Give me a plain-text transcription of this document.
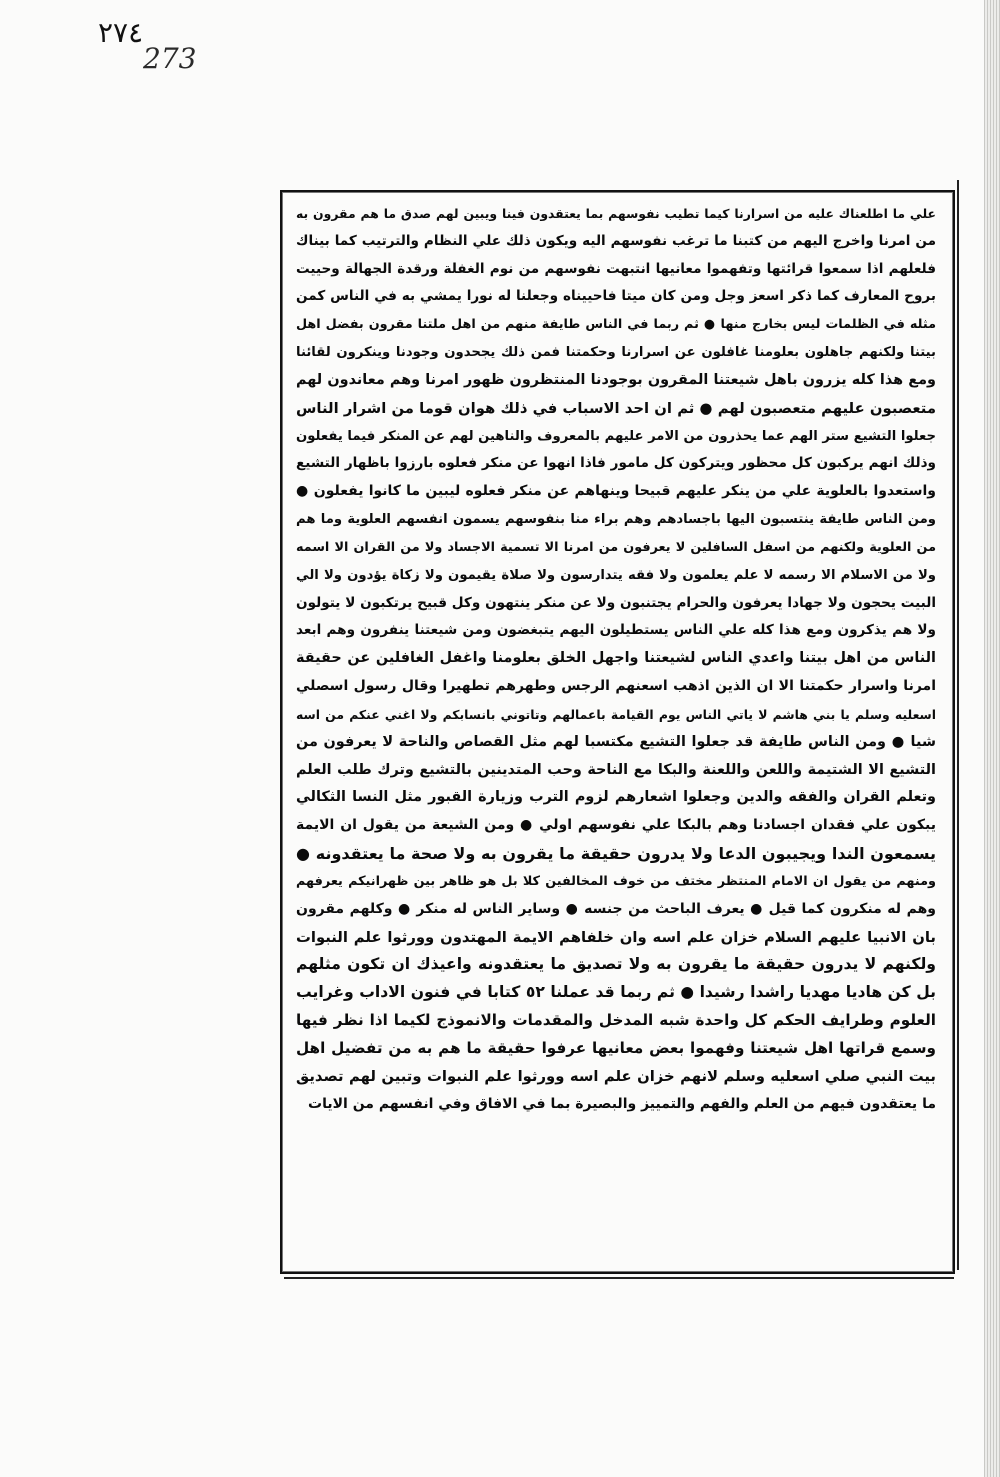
٢٧٤
273
علي ما اطلعناك عليه من اسرارنا كيما تطيب نفوسهم بما يعتقدون فينا ويبين لهم صدق ما هم مقرون به
من امرنا واخرج اليهم من كتبنا ما ترغب نفوسهم اليه ويكون ذلك علي النظام والترتيب كما بيناك
فلعلهم اذا سمعوا قرائتها وتفهموا معانيها انتبهت نفوسهم من نوم الغفلة ورقدة الجهالة وحييت
بروح المعارف كما ذكر اسعز وجل ومن كان ميتا فاحييناه وجعلنا له نورا يمشي به في الناس كمن
مثله في الظلمات ليس بخارج منها ● ثم ربما في الناس طايفة منهم من اهل ملتنا مقرون بفضل اهل
بيتنا ولكنهم جاهلون بعلومنا غافلون عن اسرارنا وحكمتنا فمن ذلك يجحدون وجودنا وينكرون لقائنا
ومع هذا كله يزرون باهل شيعتنا المقرون بوجودنا المنتظرون ظهور امرنا وهم معاندون لهم
متعصبون عليهم متعصبون لهم ● ثم ان احد الاسباب في ذلك هوان قوما من اشرار الناس
جعلوا التشيع ستر الهم عما يحذرون من الامر عليهم بالمعروف والناهين لهم عن المنكر فيما يفعلون
وذلك انهم يركبون كل محظور ويتركون كل مامور فاذا انهوا عن منكر فعلوه بارزوا باظهار التشيع
واستعدوا بالعلوية علي من ينكر عليهم قبيحا وينهاهم عن منكر فعلوه ليبين ما كانوا يفعلون ●
ومن الناس طايفة ينتسبون اليها باجسادهم وهم براء منا بنفوسهم يسمون انفسهم العلوية وما هم
من العلوية ولكنهم من اسفل السافلين لا يعرفون من امرنا الا تسمية الاجساد ولا من القران الا اسمه
ولا من الاسلام الا رسمه لا علم يعلمون ولا فقه يتدارسون ولا صلاة يقيمون ولا زكاة يؤدون ولا الي
البيت يحجون ولا جهادا يعرفون والحرام يجتنبون ولا عن منكر ينتهون وكل قبيح يرتكبون لا يتولون
ولا هم يذكرون ومع هذا كله علي الناس يستطيلون اليهم يتبغضون ومن شيعتنا ينفرون وهم ابعد
الناس من اهل بيتنا واعدي الناس لشيعتنا واجهل الخلق بعلومنا واغفل الغافلين عن حقيقة
امرنا واسرار حكمتنا الا ان الذين اذهب اسعنهم الرجس وطهرهم تطهيرا وقال رسول اسصلي
اسعليه وسلم يا بني هاشم لا ياتي الناس يوم القيامة باعمالهم وتاتوني بانسابكم ولا اغني عنكم من اسه
شيا ● ومن الناس طايفة قد جعلوا التشيع مكتسبا لهم مثل القصاص والناحة لا يعرفون من
التشيع الا الشتيمة واللعن واللعنة والبكا مع الناحة وحب المتدينين بالتشيع وترك طلب العلم
وتعلم القران والفقه والدين وجعلوا اشعارهم لزوم الترب وزيارة القبور مثل النسا الثكالي
يبكون علي فقدان اجسادنا وهم بالبكا علي نفوسهم اولي ● ومن الشيعة من يقول ان الايمة
يسمعون الندا ويجيبون الدعا ولا يدرون حقيقة ما يقرون به ولا صحة ما يعتقدونه ●
ومنهم من يقول ان الامام المنتظر مختف من خوف المخالفين كلا بل هو ظاهر بين ظهرانيكم يعرفهم
وهم له منكرون كما قيل ● يعرف الباحث من جنسه ● وساير الناس له منكر ● وكلهم مقرون
بان الانبيا عليهم السلام خزان علم اسه وان خلفاهم الايمة المهتدون وورثوا علم النبوات
ولكنهم لا يدرون حقيقة ما يقرون به ولا تصديق ما يعتقدونه واعيذك ان تكون مثلهم
بل كن هاديا مهديا راشدا رشيدا ● ثم ربما قد عملنا ٥٢ كتابا في فنون الاداب وغرايب
العلوم وطرايف الحكم كل واحدة شبه المدخل والمقدمات والانموذج لكيما اذا نظر فيها
وسمع قراتها اهل شيعتنا وفهموا بعض معانيها عرفوا حقيقة ما هم به من تفضيل اهل
بيت النبي صلي اسعليه وسلم لانهم خزان علم اسه وورثوا علم النبوات وتبين لهم تصديق
ما يعتقدون فيهم من العلم والفهم والتمييز والبصيرة بما في الافاق وفي انفسهم من الايات
